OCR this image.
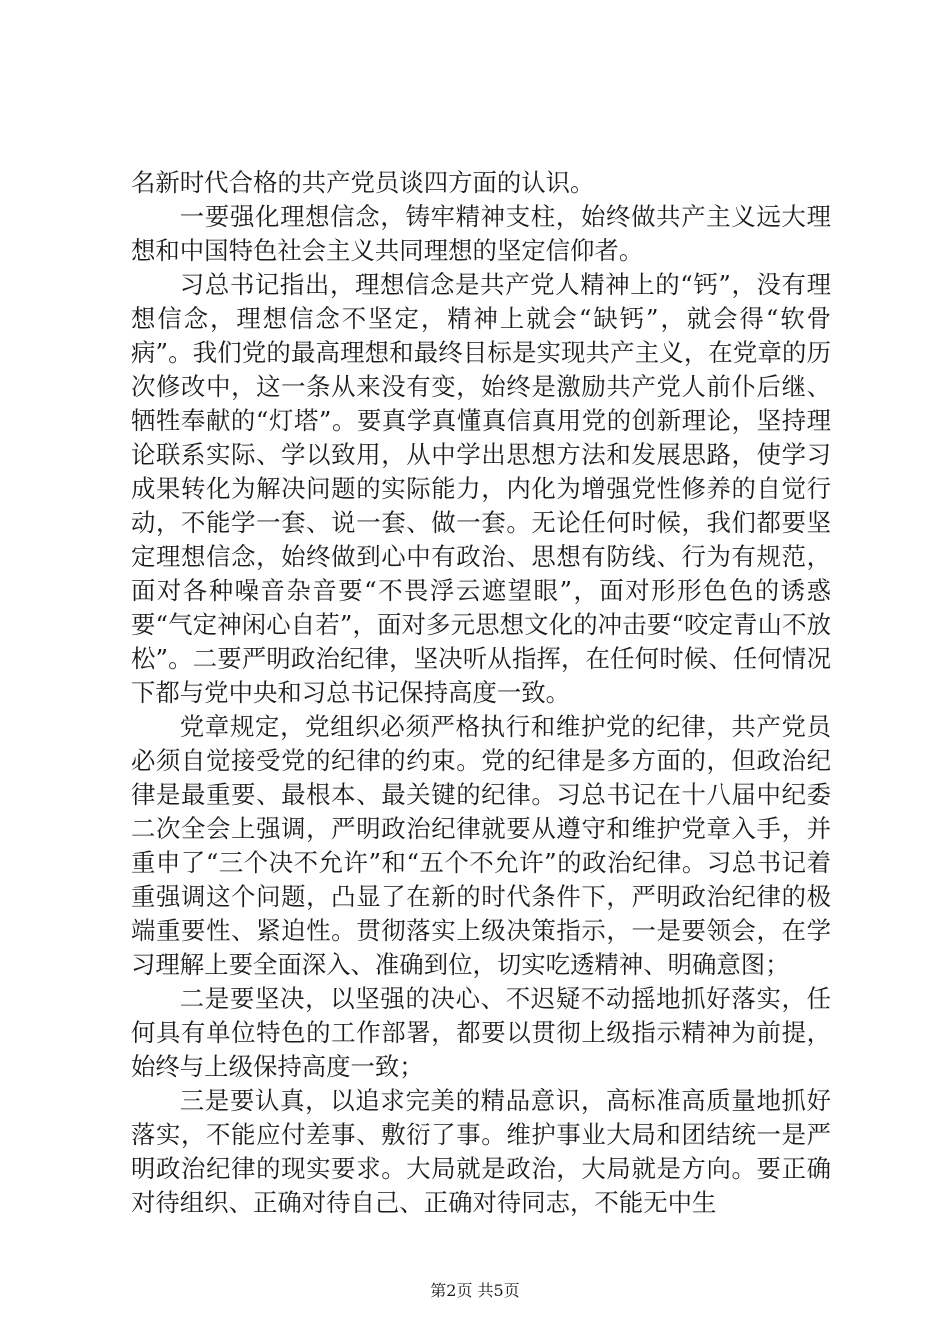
名新时代合格的共产党员谈四方面的认识。

一要强化理想信念，铸牢精神支柱，始终做共产主义远大理想和中国特色社会主义共同理想的坚定信仰者。

习总书记指出，理想信念是共产党人精神上的“钙”，没有理想信念，理想信念不坚定，精神上就会“缺钙”，就会得“软骨病”。我们党的最高理想和最终目标是实现共产主义，在党章的历次修改中，这一条从来没有变，始终是激励共产党人前仆后继、牺牲奉献的“灯塔”。要真学真懂真信真用党的创新理论，坚持理论联系实际、学以致用，从中学出思想方法和发展思路，使学习成果转化为解决问题的实际能力，内化为增强党性修养的自觉行动，不能学一套、说一套、做一套。无论任何时候，我们都要坚定理想信念，始终做到心中有政治、思想有防线、行为有规范，面对各种噪音杂音要“不畏浮云遮望眼”，面对形形色色的诱惑要“气定神闲心自若”，面对多元思想文化的冲击要“咬定青山不放松”。二要严明政治纪律，坚决听从指挥，在任何时候、任何情况下都与党中央和习总书记保持高度一致。

党章规定，党组织必须严格执行和维护党的纪律，共产党员必须自觉接受党的纪律的约束。党的纪律是多方面的，但政治纪律是最重要、最根本、最关键的纪律。习总书记在十八届中纪委二次全会上强调，严明政治纪律就要从遵守和维护党章入手，并重申了“三个决不允许”和“五个不允许”的政治纪律。习总书记着重强调这个问题，凸显了在新的时代条件下，严明政治纪律的极端重要性、紧迫性。贯彻落实上级决策指示，一是要领会，在学习理解上要全面深入、准确到位，切实吃透精神、明确意图；

二是要坚决，以坚强的决心、不迟疑不动摇地抓好落实，任何具有单位特色的工作部署，都要以贯彻上级指示精神为前提，始终与上级保持高度一致；

三是要认真，以追求完美的精品意识，高标准高质量地抓好落实，不能应付差事、敷衍了事。维护事业大局和团结统一是严明政治纪律的现实要求。大局就是政治，大局就是方向。要正确对待组织、正确对待自己、正确对待同志，不能无中生

第2页 共5页
